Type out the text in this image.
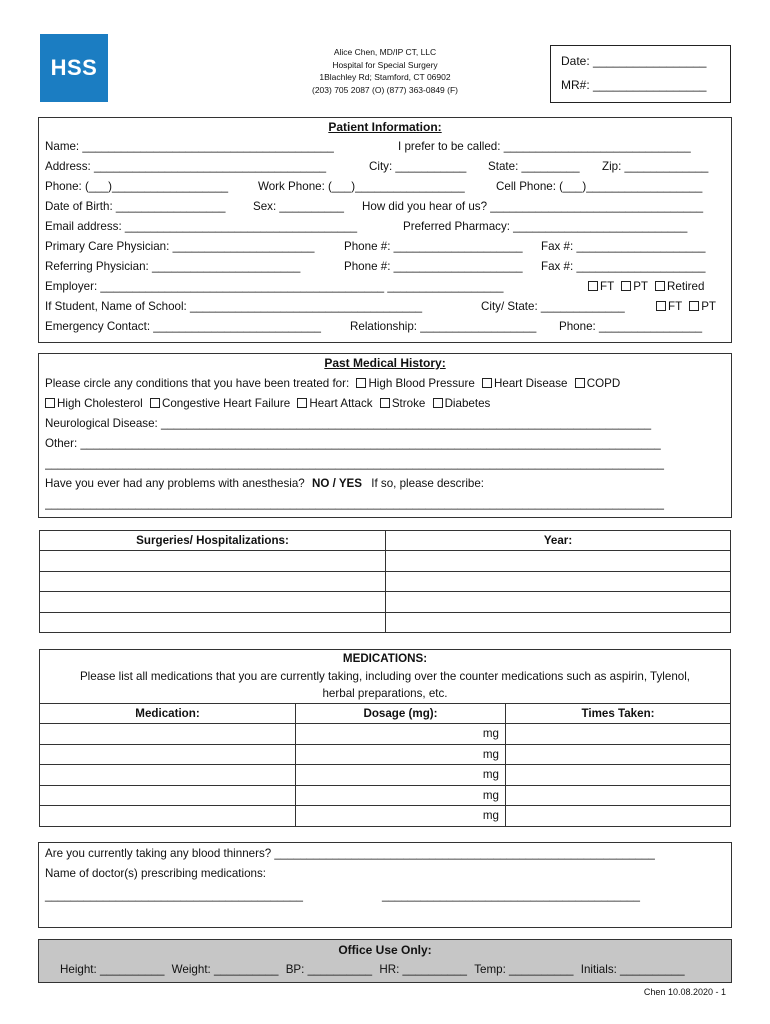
HSS
Alice Chen, MD/IP CT, LLC
Hospital for Special Surgery
1Blachley Rd; Stamford, CT 06902
(203) 705 2087 (O) (877) 363-0849 (F)
Date: _________________
MR#: _________________
Patient Information:
Name: _______________________________________	I prefer to be called: _____________________________
Address: ____________________________________	City: ___________ State: _________ Zip: _____________
Phone: (___)__________________	Work Phone: (___)_________________	Cell Phone: (___)__________________
Date of Birth: _________________ Sex: __________ How did you hear of us? _________________________________
Email address: ____________________________________	Preferred Pharmacy: ___________________________
Primary Care Physician: ______________________	Phone #: ____________________ Fax #: ____________________
Referring Physician: _______________________	Phone #: ____________________ Fax #: ____________________
Employer: ____________________________________________ __________________	FT PT Retired
If Student, Name of School: ____________________________________	City/ State: _____________	FT PT
Emergency Contact: __________________________	Relationship: __________________ Phone: ________________
Past Medical History:
Please circle any conditions that you have been treated for: High Blood Pressure Heart Disease COPD
High Cholesterol Congestive Heart Failure Heart Attack Stroke Diabetes
Neurological Disease: ____________________________________________________________________________
Other: __________________________________________________________________________________________
________________________________________________________________________________________________
Have you ever had any problems with anesthesia? NO / YES If so, please describe:
________________________________________________________________________________________________
Surgeries/ Hospitalizations:	Year:

MEDICATIONS:
Please list all medications that you are currently taking, including over the counter medications such as aspirin, Tylenol,
herbal preparations, etc.
Medication:	Dosage (mg):	Times Taken:
	mg	
	mg	
	mg	
	mg	
	mg	
Are you currently taking any blood thinners? ___________________________________________________________
Name of doctor(s) prescribing medications:
________________________________________	________________________________________
Office Use Only:
Height: __________ Weight: __________ BP: __________ HR: __________ Temp: __________ Initials: __________
Chen 10.08.2020 - 1
